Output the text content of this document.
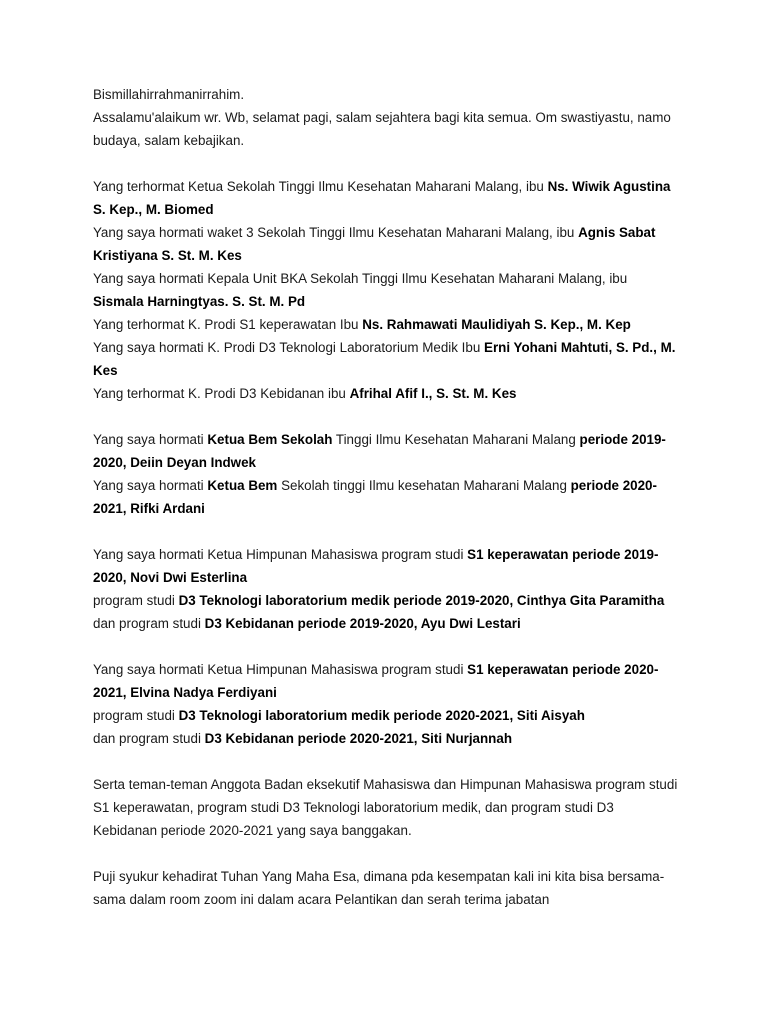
Bismillahirrahmanirrahim.
Assalamu'alaikum wr. Wb, selamat pagi, salam sejahtera bagi kita semua. Om swastiyastu, namo budaya, salam kebajikan.
Yang terhormat Ketua Sekolah Tinggi Ilmu Kesehatan Maharani Malang, ibu Ns. Wiwik Agustina S. Kep., M. Biomed
Yang saya hormati waket 3 Sekolah Tinggi Ilmu Kesehatan Maharani Malang, ibu Agnis Sabat Kristiyana S. St. M. Kes
Yang saya hormati Kepala Unit BKA Sekolah Tinggi Ilmu Kesehatan Maharani Malang, ibu Sismala Harningtyas. S. St. M. Pd
Yang terhormat K. Prodi S1 keperawatan Ibu Ns. Rahmawati Maulidiyah S. Kep., M. Kep
Yang saya hormati K. Prodi D3 Teknologi Laboratorium Medik Ibu Erni Yohani Mahtuti, S. Pd., M. Kes
Yang terhormat K. Prodi D3 Kebidanan ibu Afrihal Afif I., S. St. M. Kes
Yang saya hormati Ketua Bem Sekolah Tinggi Ilmu Kesehatan Maharani Malang periode 2019-2020, Deiin Deyan Indwek
Yang saya hormati Ketua Bem Sekolah tinggi Ilmu kesehatan Maharani Malang periode 2020-2021, Rifki Ardani
Yang saya hormati Ketua Himpunan Mahasiswa program studi S1 keperawatan periode 2019-2020, Novi Dwi Esterlina
program studi D3 Teknologi laboratorium medik periode 2019-2020, Cinthya Gita Paramitha
dan program studi D3 Kebidanan periode 2019-2020, Ayu Dwi Lestari
Yang saya hormati Ketua Himpunan Mahasiswa program studi S1 keperawatan periode 2020-2021, Elvina Nadya Ferdiyani
program studi D3 Teknologi laboratorium medik periode 2020-2021, Siti Aisyah
dan program studi D3 Kebidanan periode 2020-2021, Siti Nurjannah
Serta teman-teman Anggota Badan eksekutif Mahasiswa dan Himpunan Mahasiswa program studi S1 keperawatan, program studi D3 Teknologi laboratorium medik, dan program studi D3 Kebidanan periode 2020-2021 yang saya banggakan.
Puji syukur kehadirat Tuhan Yang Maha Esa, dimana pda kesempatan kali ini kita bisa bersama-sama dalam room zoom ini dalam acara Pelantikan dan serah terima jabatan
